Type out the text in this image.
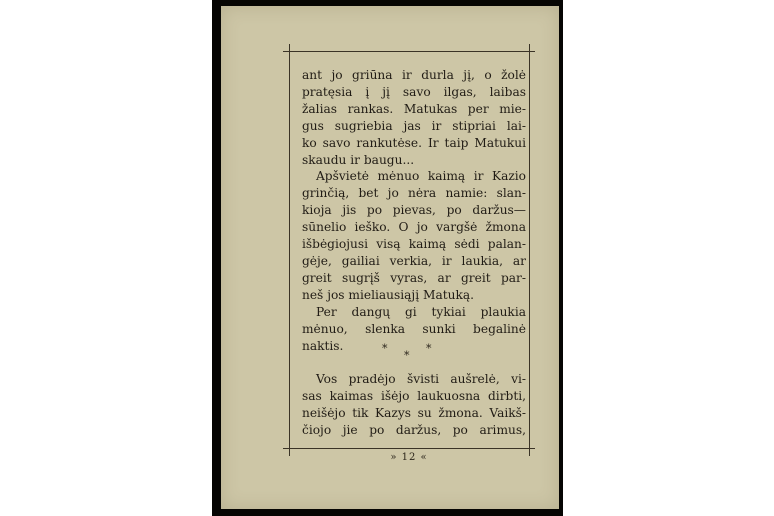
ant jo griūna ir durla jį, o žolė
pratęsia į jį savo ilgas, laibas
žalias rankas. Matukas per mie-
gus sugriebia jas ir stipriai lai-
ko savo rankutėse. Ir taip Matukui
skaudu ir baugu...
Apšvietė mėnuo kaimą ir Kazio
grinčią, bet jo nėra namie: slan-
kioja jis po pievas, po daržus—
sūnelio ieško. O jo vargšė žmona
išbėgiojusi visą kaimą sėdi palan-
gėje, gailiai verkia, ir laukia, ar
greit sugrįš vyras, ar greit par-
neš jos mieliausiąjį Matuką.
Per dangų gi tykiai plaukia
mėnuo, slenka sunki begalinė
naktis.	*	*
*
Vos pradėjo švisti aušrelė, vi-
sas kaimas išėjo laukuosna dirbti,
neišėjo tik Kazys su žmona. Vaikš-
čiojo jie po daržus, po arimus,
» 12 «
